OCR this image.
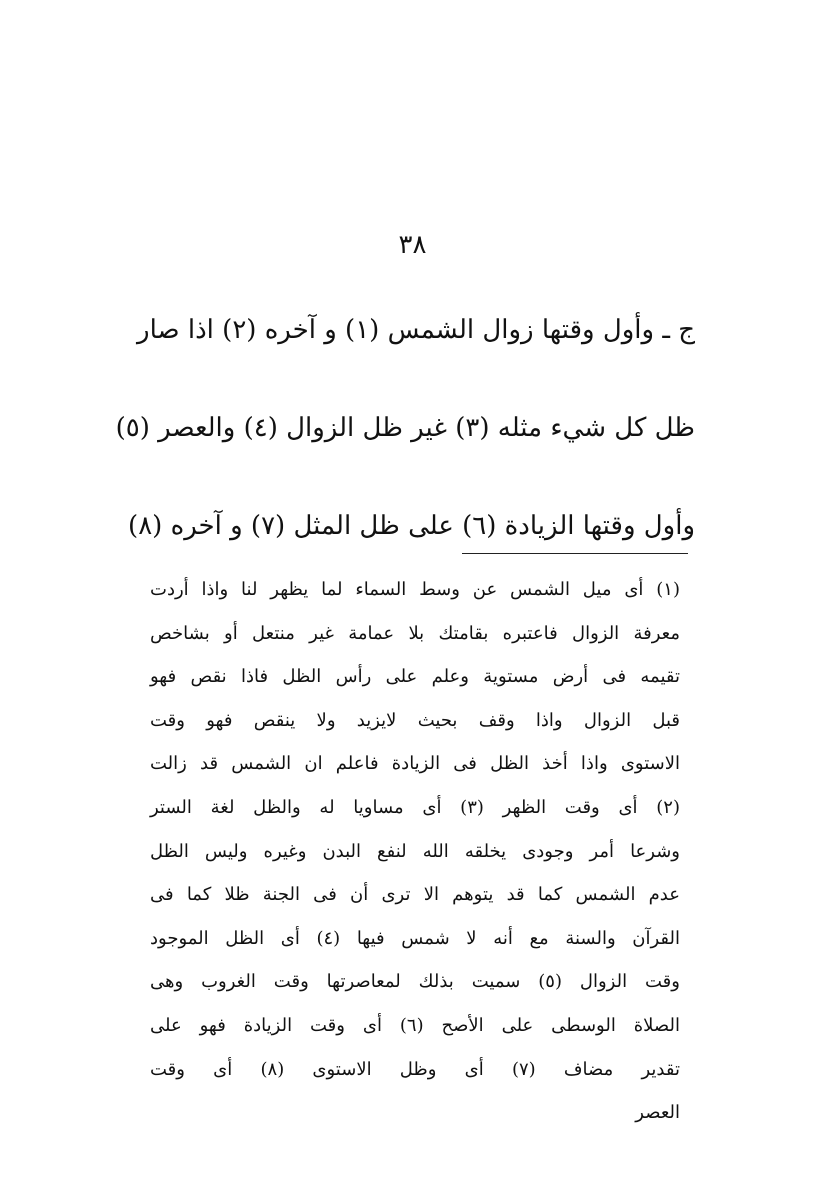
٣٨
ج ـ وأول وقتها زوال الشمس (١) و آخره (٢) اذا صار
ظل كل شيء مثله (٣) غير ظل الزوال (٤) والعصر (٥)
وأول وقتها الزيادة (٦) على ظل المثل (٧) و آخره (٨)
(١) أى ميل الشمس عن وسط السماء لما يظهر لنا واذا أردت
معرفة الزوال فاعتبره بقامتك بلا عمامة غير منتعل أو بشاخص
تقيمه فى أرض مستوية وعلم على رأس الظل فاذا نقص فهو
قبل الزوال واذا وقف بحيث لايزيد ولا ينقص فهو وقت
الاستوى واذا أخذ الظل فى الزيادة فاعلم ان الشمس قد زالت
(٢) أى وقت الظهر (٣) أى مساويا له والظل لغة الستر
وشرعا أمر وجودى يخلقه الله لنفع البدن وغيره وليس الظل
عدم الشمس كما قد يتوهم الا ترى أن فى الجنة ظلا كما فى
القرآن والسنة مع أنه لا شمس فيها (٤) أى الظل الموجود
وقت الزوال (٥) سميت بذلك لمعاصرتها وقت الغروب وهى
الصلاة الوسطى على الأصح (٦) أى وقت الزيادة فهو على
تقدير مضاف (٧) أى وظل الاستوى (٨) أى وقت
العصر
